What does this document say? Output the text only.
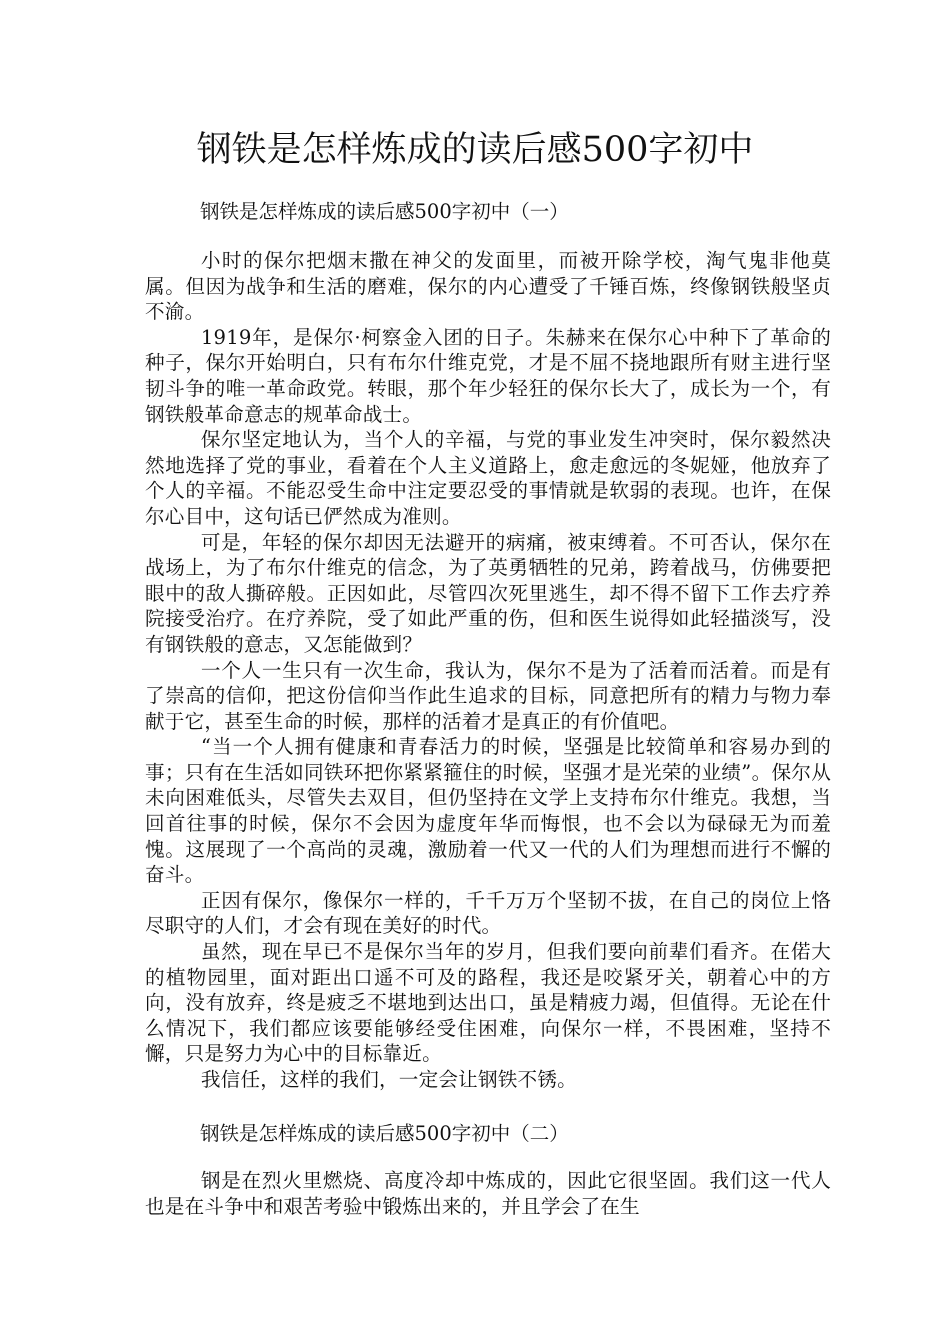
钢铁是怎样炼成的读后感500字初中
钢铁是怎样炼成的读后感500字初中（一）

小时的保尔把烟末撒在神父的发面里，而被开除学校，淘气鬼非他莫属。但因为战争和生活的磨难，保尔的内心遭受了千锤百炼，终像钢铁般坚贞不渝。

1919年，是保尔·柯察金入团的日子。朱赫来在保尔心中种下了革命的种子，保尔开始明白，只有布尔什维克党，才是不屈不挠地跟所有财主进行坚韧斗争的唯一革命政党。转眼，那个年少轻狂的保尔长大了，成长为一个，有钢铁般革命意志的规革命战士。

保尔坚定地认为，当个人的辛福，与党的事业发生冲突时，保尔毅然决然地选择了党的事业，看着在个人主义道路上，愈走愈远的冬妮娅，他放弃了个人的辛福。不能忍受生命中注定要忍受的事情就是软弱的表现。也许，在保尔心目中，这句话已俨然成为准则。

可是，年轻的保尔却因无法避开的病痛，被束缚着。不可否认，保尔在战场上，为了布尔什维克的信念，为了英勇牺牲的兄弟，跨着战马，仿佛要把眼中的敌人撕碎般。正因如此，尽管四次死里逃生，却不得不留下工作去疗养院接受治疗。在疗养院，受了如此严重的伤，但和医生说得如此轻描淡写，没有钢铁般的意志，又怎能做到？

一个人一生只有一次生命，我认为，保尔不是为了活着而活着。而是有了崇高的信仰，把这份信仰当作此生追求的目标，同意把所有的精力与物力奉献于它，甚至生命的时候，那样的活着才是真正的有价值吧。

“当一个人拥有健康和青春活力的时候，坚强是比较简单和容易办到的事；只有在生活如同铁环把你紧紧箍住的时候，坚强才是光荣的业绩”。保尔从未向困难低头，尽管失去双目，但仍坚持在文学上支持布尔什维克。我想，当回首往事的时候，保尔不会因为虚度年华而悔恨，也不会以为碌碌无为而羞愧。这展现了一个高尚的灵魂，激励着一代又一代的人们为理想而进行不懈的奋斗。

正因有保尔，像保尔一样的，千千万万个坚韧不拔，在自己的岗位上恪尽职守的人们，才会有现在美好的时代。

虽然，现在早已不是保尔当年的岁月，但我们要向前辈们看齐。在偌大的植物园里，面对距出口遥不可及的路程，我还是咬紧牙关，朝着心中的方向，没有放弃，终是疲乏不堪地到达出口，虽是精疲力竭，但值得。无论在什么情况下，我们都应该要能够经受住困难，向保尔一样，不畏困难，坚持不懈，只是努力为心中的目标靠近。

我信任，这样的我们，一定会让钢铁不锈。

钢铁是怎样炼成的读后感500字初中（二）

钢是在烈火里燃烧、高度冷却中炼成的，因此它很坚固。我们这一代人也是在斗争中和艰苦考验中锻炼出来的，并且学会了在生
